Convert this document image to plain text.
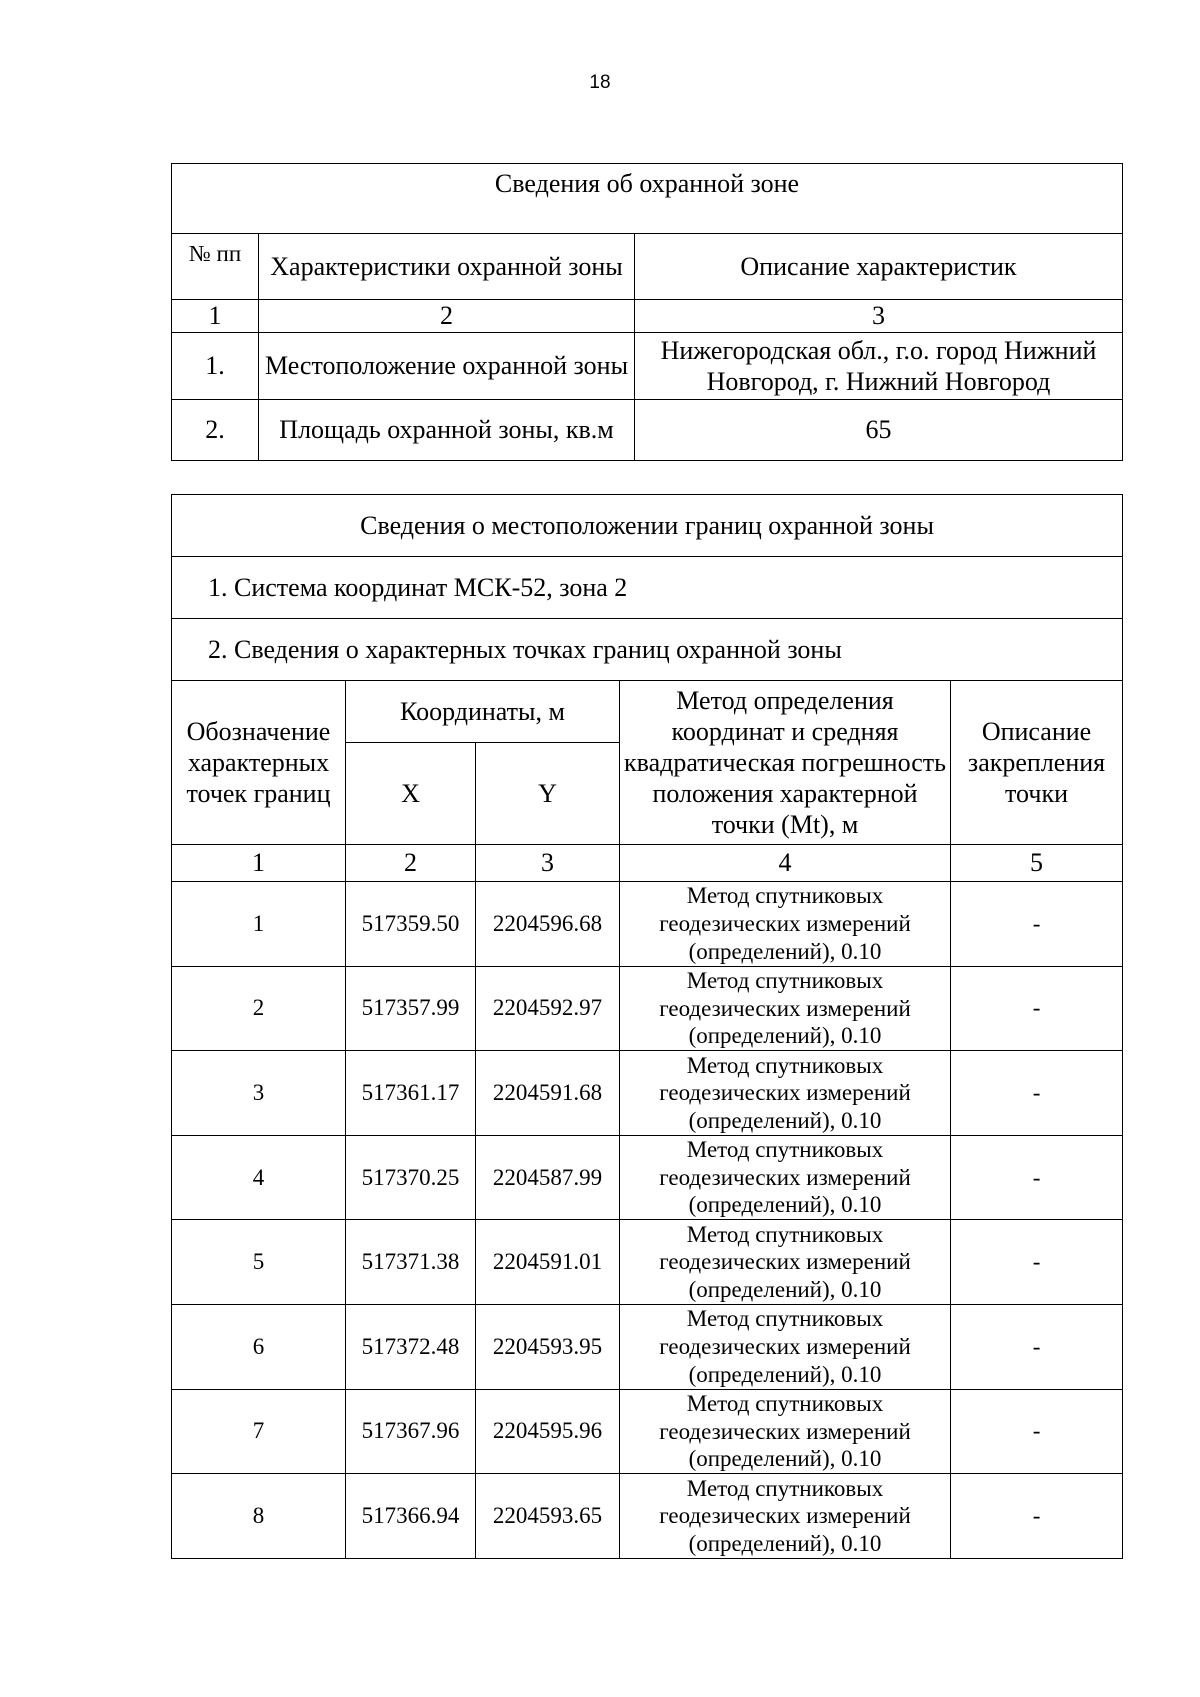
18
Сведения об охранной зоне		
№ пп	Характеристики охранной зоны	Описание характеристик
1	2	3
1.	Местоположение охранной зоны	Нижегородская обл., г.о. город Нижний Новгород, г. Нижний Новгород
2.	Площадь охранной зоны, кв.м	65
Сведения о местоположении границ охранной зоны				
1. Система координат МСК-52, зона 2				
2. Сведения о характерных точках границ охранной зоны				
Обозначение характерных точек границ	Координаты, м		Метод определения координат и средняя квадратическая погрешность положения характерной точки (Mt), м	Описание закрепления точки
	X	Y		
1	2	3	4	5
1	517359.50	2204596.68	Метод спутниковых геодезических измерений (определений), 0.10	-
2	517357.99	2204592.97	Метод спутниковых геодезических измерений (определений), 0.10	-
3	517361.17	2204591.68	Метод спутниковых геодезических измерений (определений), 0.10	-
4	517370.25	2204587.99	Метод спутниковых геодезических измерений (определений), 0.10	-
5	517371.38	2204591.01	Метод спутниковых геодезических измерений (определений), 0.10	-
6	517372.48	2204593.95	Метод спутниковых геодезических измерений (определений), 0.10	-
7	517367.96	2204595.96	Метод спутниковых геодезических измерений (определений), 0.10	-
8	517366.94	2204593.65	Метод спутниковых геодезических измерений (определений), 0.10	-
